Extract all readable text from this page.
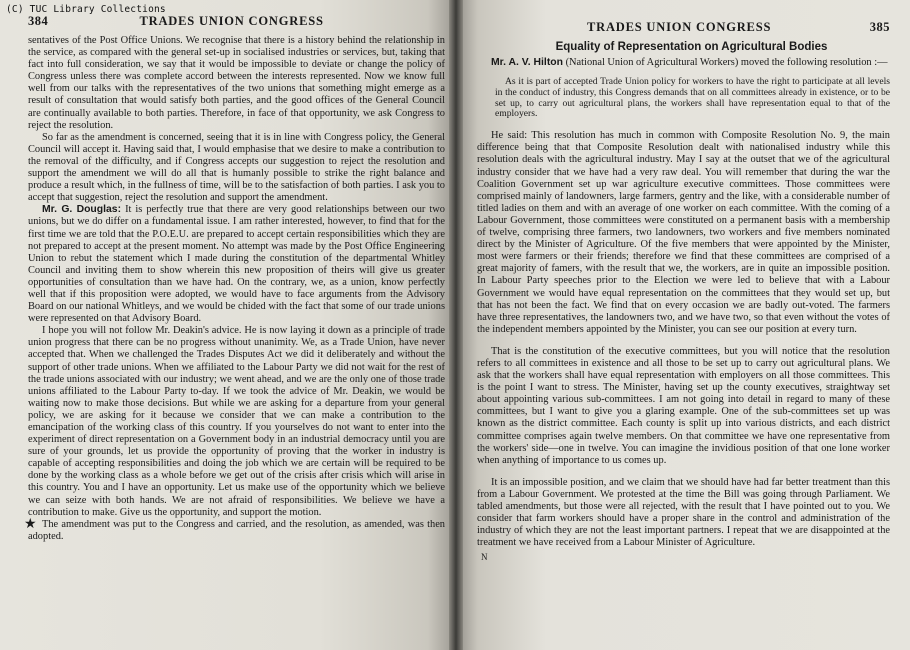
384	TRADES UNION CONGRESS

sentatives of the Post Office Unions. We recognise that there is a history behind the relationship in the service, as compared with the general set-up in socialised industries or services, but, taking that fact into full consideration, we say that it would be impossible to deviate or change the policy of Congress unless there was complete accord between the interests represented. Now we know full well from our talks with the representatives of the two unions that something might emerge as a result of consultation that would satisfy both parties, and the good offices of the General Council are continually available to both parties. Therefore, in face of that opportunity, we ask Congress to reject the resolution.

So far as the amendment is concerned, seeing that it is in line with Congress policy, the General Council will accept it. Having said that, I would emphasise that we desire to make a contribution to the removal of the difficulty, and if Congress accepts our suggestion to reject the resolution and support the amendment we will do all that is humanly possible to strike the right balance and produce a result which, in the fullness of time, will be to the satisfaction of both parties. I ask you to accept that suggestion, reject the resolution and support the amendment.

Mr. G. Douglas: It is perfectly true that there are very good relationships between our two unions, but we do differ on a fundamental issue. I am rather interested, however, to find that for the first time we are told that the P.O.E.U. are prepared to accept certain responsibilities which they are not prepared to accept at the present moment. No attempt was made by the Post Office Engineering Union to rebut the statement which I made during the constitution of the departmental Whitley Council and inviting them to show wherein this new proposition of theirs will give us greater opportunities of consultation than we have had. On the contrary, we, as a union, know perfectly well that if this proposition were adopted, we would have to face arguments from the Advisory Board on our national Whitleys, and we would be chided with the fact that some of our trade unions were represented on that Advisory Board.

I hope you will not follow Mr. Deakin's advice. He is now laying it down as a principle of trade union progress that there can be no progress without unanimity. We, as a Trade Union, have never accepted that. When we challenged the Trades Disputes Act we did it deliberately and without the support of other trade unions. When we affiliated to the Labour Party we did not wait for the rest of the trade unions associated with our industry; we went ahead, and we are the only one of those trade unions affiliated to the Labour Party to-day. If we took the advice of Mr. Deakin, we would be waiting now to make those decisions. But while we are asking for a departure from your general policy, we are asking for it because we consider that we can make a contribution to the emancipation of the working class of this country. If you yourselves do not want to enter into the experiment of direct representation on a Government body in an industrial democracy until you are sure of your grounds, let us provide the opportunity of proving that the worker in industry is capable of accepting responsibilities and doing the job which we are certain will be required to be done by the working class as a whole before we get out of the crisis after crisis which will arise in this country. You and I have an opportunity. Let us make use of the opportunity which we believe we can seize with both hands. We are not afraid of responsibilities. We believe we have a contribution to make. Give us the opportunity, and support the motion.

★ The amendment was put to the Congress and carried, and the resolution, as amended, was then adopted.

TRADES UNION CONGRESS	385
Equality of Representation on Agricultural Bodies

Mr. A. V. Hilton (National Union of Agricultural Workers) moved the following resolution :—

As it is part of accepted Trade Union policy for workers to have the right to participate at all levels in the conduct of industry, this Congress demands that on all committees already in existence, or to be set up, to carry out agricultural plans, the workers shall have representation equal to that of the employers.

He said: This resolution has much in common with Composite Resolution No. 9, the main difference being that that Composite Resolution dealt with nationalised industry while this resolution deals with the agricultural industry. May I say at the outset that we of the agricultural industry consider that we have had a very raw deal. You will remember that during the war the Coalition Government set up war agriculture executive committees. Those committees were comprised mainly of landowners, large farmers, gentry and the like, with a considerable number of titled ladies on them and with an average of one worker on each committee. With the coming of a Labour Government, those committees were constituted on a permanent basis with a membership of twelve, comprising three farmers, two landowners, two workers and five members nominated direct by the Minister of Agriculture. Of the five members that were appointed by the Minister, most were farmers or their friends; therefore we find that these committees are comprised of a great majority of famers, with the result that we, the workers, are in quite an impossible position. In Labour Party speeches prior to the Election we were led to believe that with a Labour Government we would have equal representation on the committees that they would set up, but that has not been the fact. We find that on every occasion we are badly out-voted. The farmers have three representatives, the landowners two, and we have two, so that even without the votes of the independent members appointed by the Minister, you can see our position at every turn.

That is the constitution of the executive committees, but you will notice that the resolution refers to all committees in existence and all those to be set up to carry out agricultural plans. We ask that the workers shall have equal representation with employers on all those committees. This is the point I want to stress. The Minister, having set up the county executives, straightway set about appointing various sub-committees. I am not going into detail in regard to many of these committees, but I want to give you a glaring example. One of the sub-committees set up was known as the district committee. Each county is split up into various districts, and each district committee comprises again twelve members. On that committee we have one representative from the workers' side—one in twelve. You can imagine the invidious position of that one lone worker when anything of importance to us comes up.

It is an impossible position, and we claim that we should have had far better treatment than this from a Labour Government. We protested at the time the Bill was going through Parliament. We tabled amendments, but those were all rejected, with the result that I have pointed out to you. We consider that farm workers should have a proper share in the control and administration of the industry of which they are not the least important partners. I repeat that we are disappointed at the treatment we have received from a Labour Minister of Agriculture.

N
(C) TUC Library Collections
